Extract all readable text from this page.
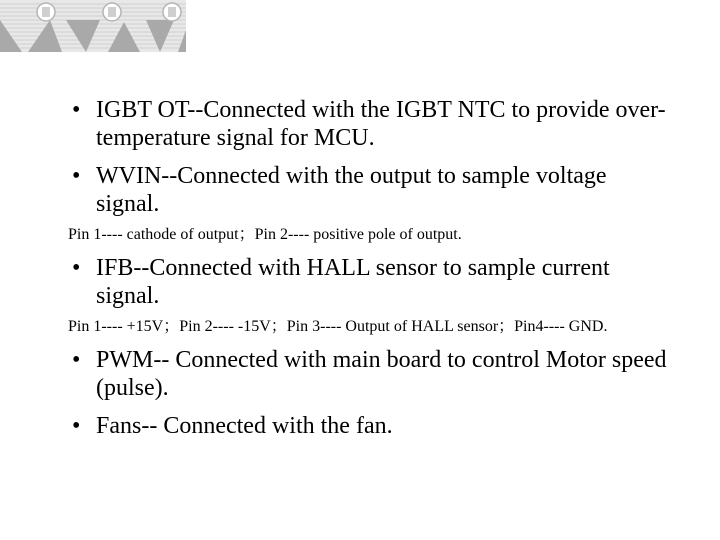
• IGBT OT--Connected with the IGBT NTC to provide over-temperature signal for MCU.
• WVIN--Connected with the output to sample voltage signal.
Pin 1---- cathode of output；Pin 2---- positive pole of output.
• IFB--Connected with HALL sensor to sample current signal.
Pin 1---- +15V；Pin 2---- -15V；Pin 3---- Output of HALL sensor；Pin4---- GND.
• PWM-- Connected with main board to control Motor speed (pulse).
• Fans-- Connected with the fan.
